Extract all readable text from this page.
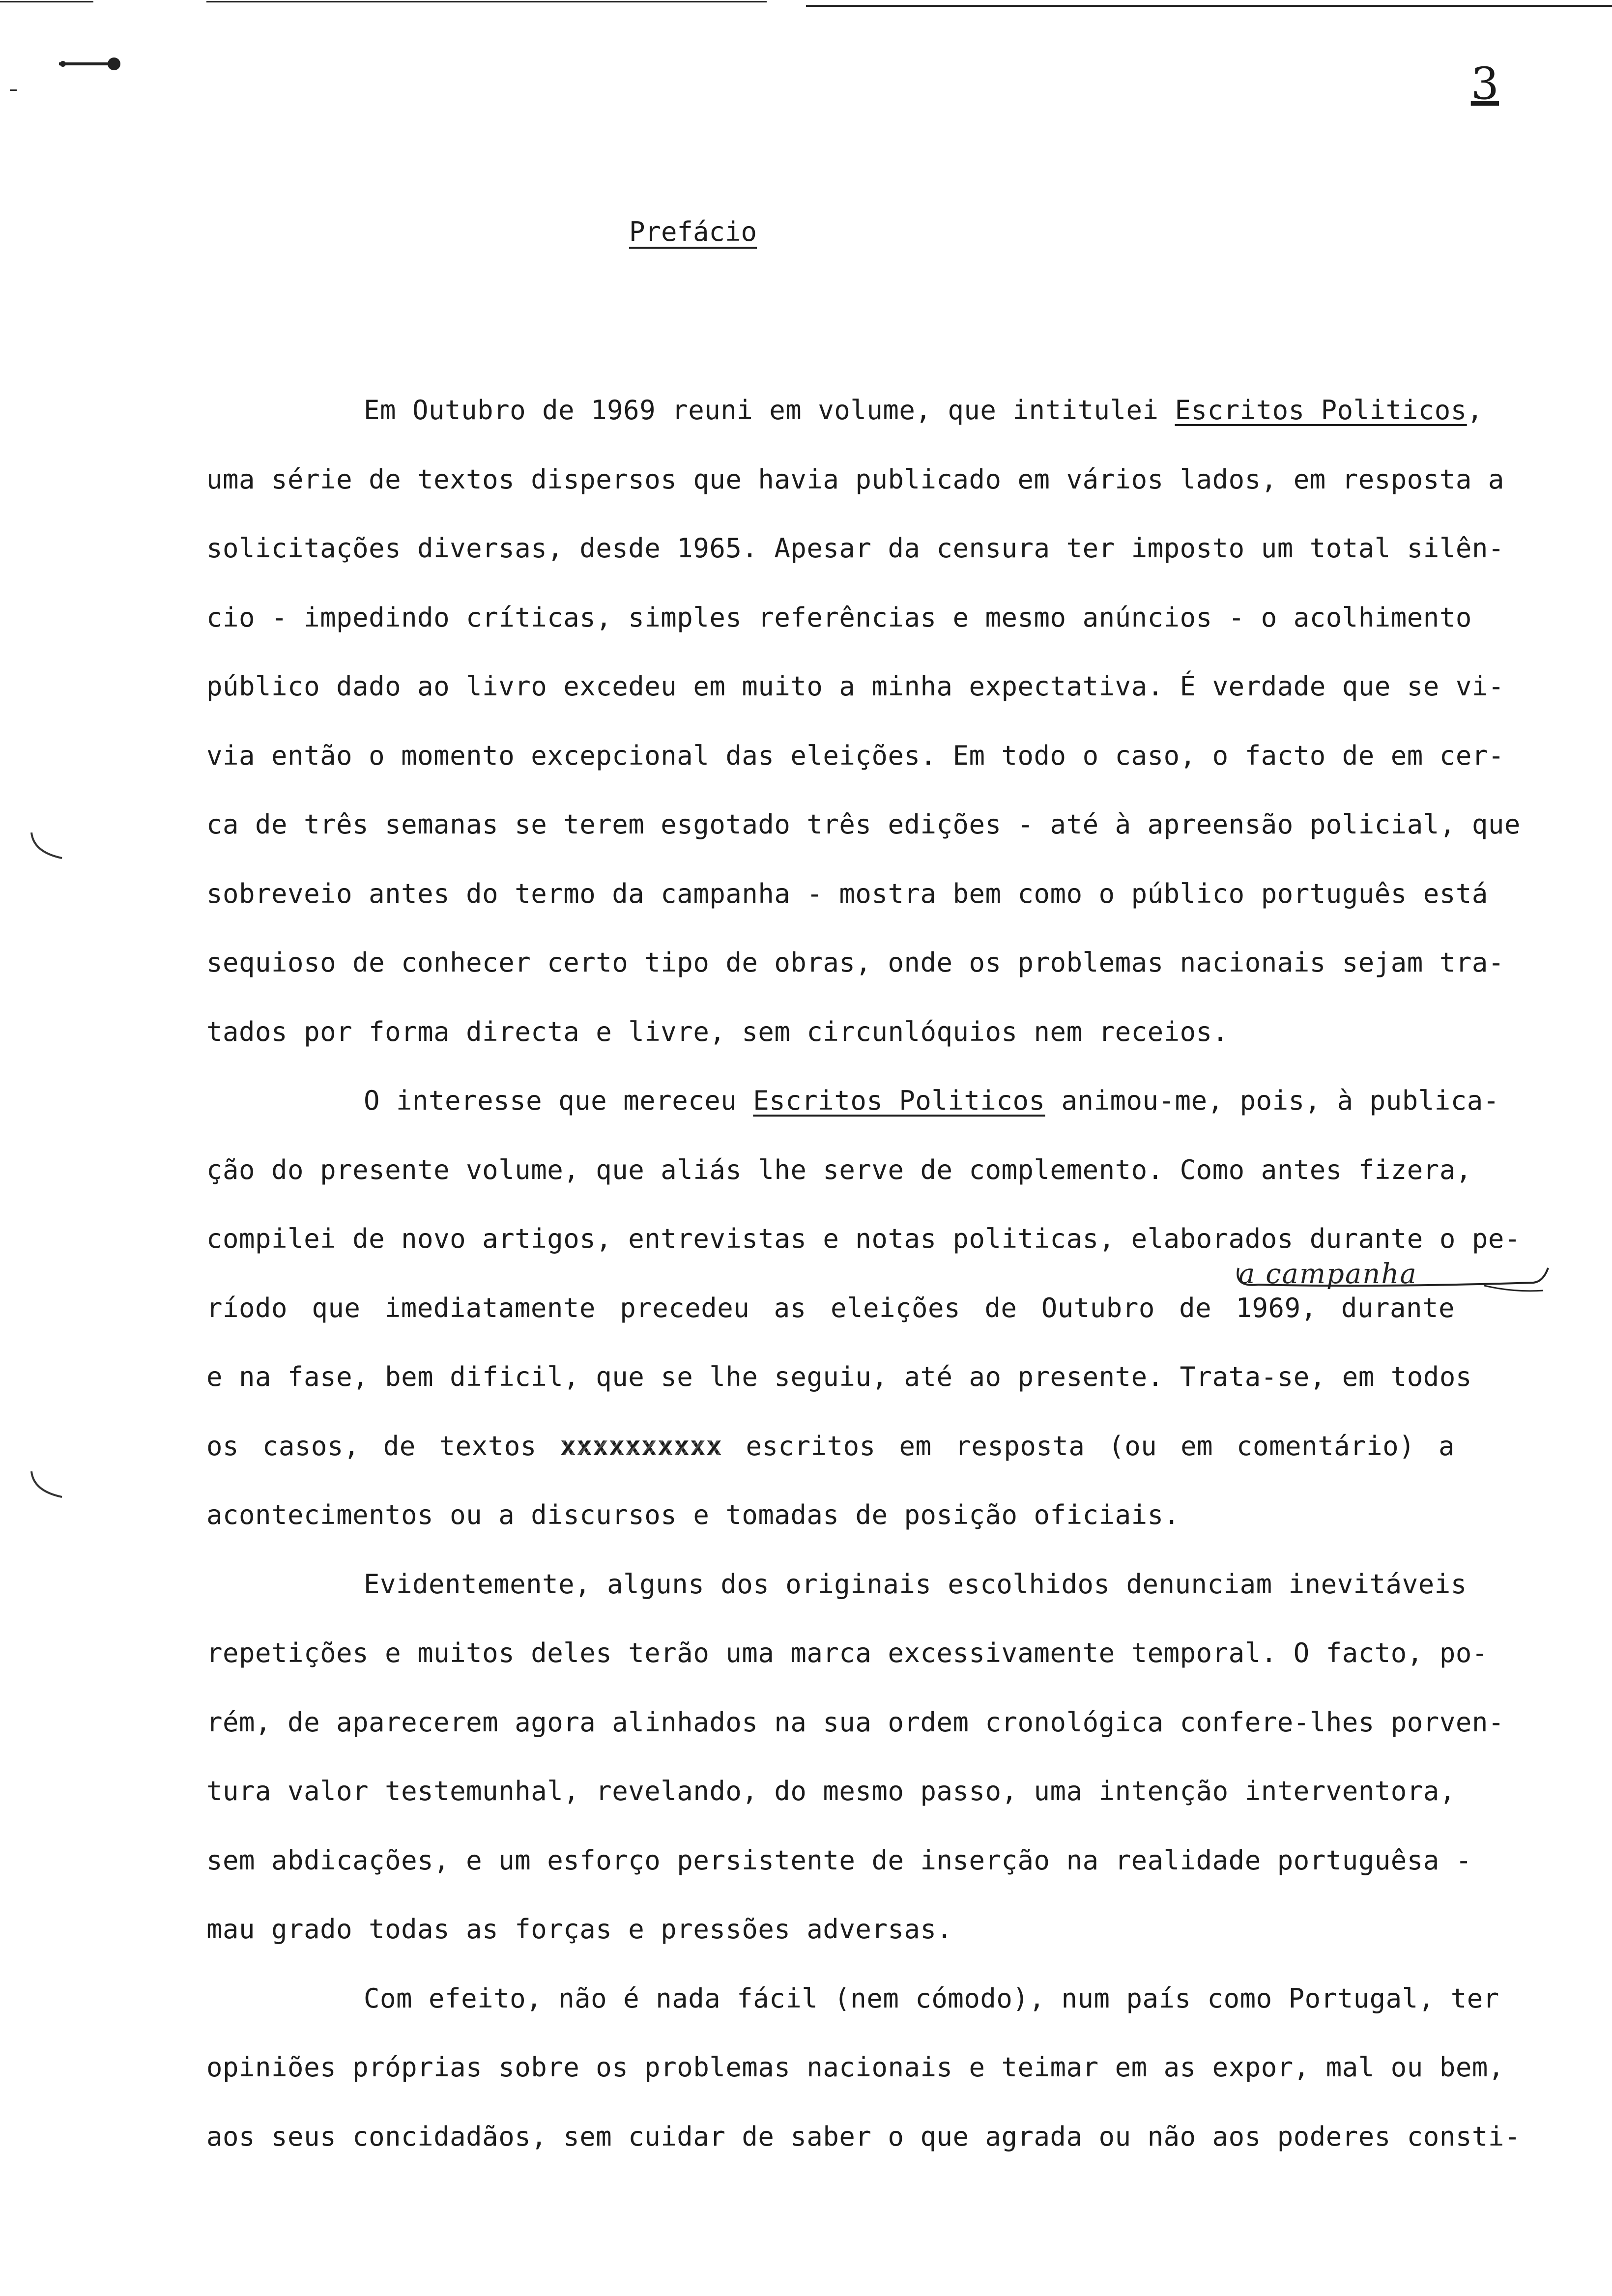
3
Prefácio
a campanha
Em Outubro de 1969 reuni em volume, que intitulei Escritos Politicos,
uma série de textos dispersos que havia publicado em vários lados, em resposta a
solicitações diversas, desde 1965. Apesar da censura ter imposto um total silên-
cio - impedindo críticas, simples referências e mesmo anúncios - o acolhimento
público dado ao livro excedeu em muito a minha expectativa. É verdade que se vi-
via então o momento excepcional das eleições. Em todo o caso, o facto de em cer-
ca de três semanas se terem esgotado três edições - até à apreensão policial, que
sobreveio antes do termo da campanha - mostra bem como o público português está
sequioso de conhecer certo tipo de obras, onde os problemas nacionais sejam tra-
tados por forma directa e livre, sem circunlóquios nem receios.
O interesse que mereceu Escritos Politicos animou-me, pois, à publica-
ção do presente volume, que aliás lhe serve de complemento. Como antes fizera,
compilei de novo artigos, entrevistas e notas politicas, elaborados durante o pe-
ríodo que imediatamente precedeu as eleições de Outubro de 1969, durante
e na fase, bem dificil, que se lhe seguiu, até ao presente. Trata-se, em todos
os casos, de textos xxxxxxxxxx escritos em resposta (ou em comentário) a
acontecimentos ou a discursos e tomadas de posição oficiais.
Evidentemente, alguns dos originais escolhidos denunciam inevitáveis
repetições e muitos deles terão uma marca excessivamente temporal. O facto, po-
rém, de aparecerem agora alinhados na sua ordem cronológica confere-lhes porven-
tura valor testemunhal, revelando, do mesmo passo, uma intenção interventora,
sem abdicações, e um esforço persistente de inserção na realidade portuguêsa -
mau grado todas as forças e pressões adversas.
Com efeito, não é nada fácil (nem cómodo), num país como Portugal, ter
opiniões próprias sobre os problemas nacionais e teimar em as expor, mal ou bem,
aos seus concidadãos, sem cuidar de saber o que agrada ou não aos poderes consti-
